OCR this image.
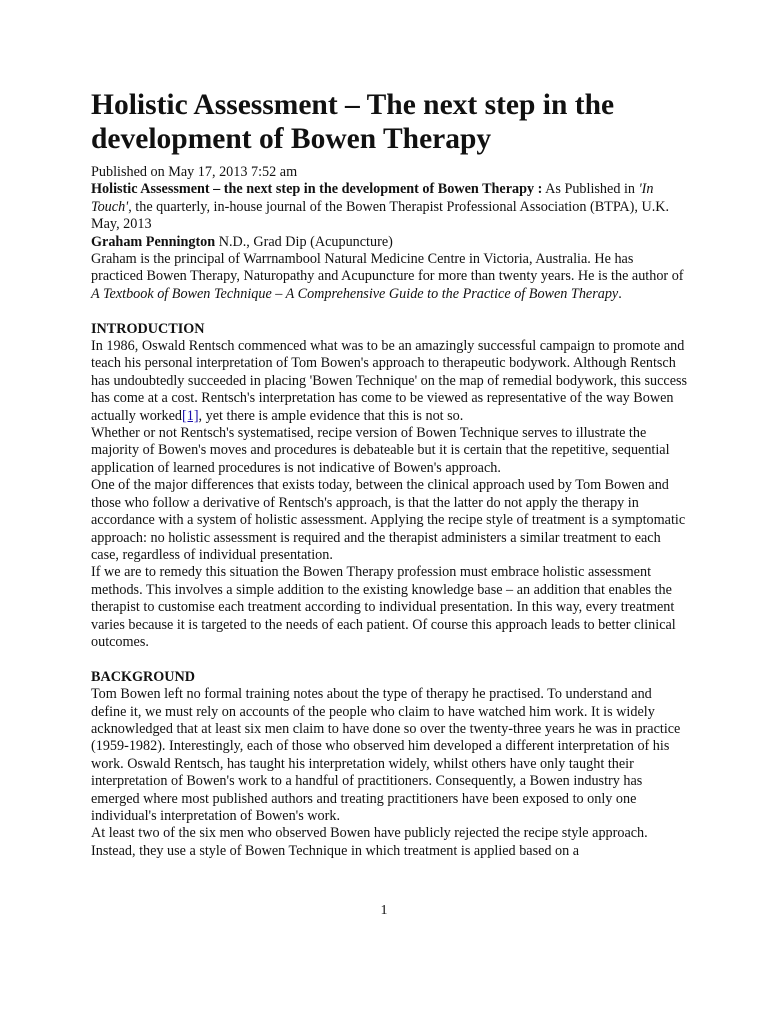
Holistic Assessment – The next step in the development of Bowen Therapy

Published on May 17, 2013 7:52 am

Holistic Assessment – the next step in the development of Bowen Therapy : As Published in 'In Touch', the quarterly, in-house journal of the Bowen Therapist Professional Association (BTPA), U.K. May, 2013

Graham Pennington N.D., Grad Dip (Acupuncture)

Graham is the principal of Warrnambool Natural Medicine Centre in Victoria, Australia. He has practiced Bowen Therapy, Naturopathy and Acupuncture for more than twenty years. He is the author of A Textbook of Bowen Technique – A Comprehensive Guide to the Practice of Bowen Therapy.

INTRODUCTION

In 1986, Oswald Rentsch commenced what was to be an amazingly successful campaign to promote and teach his personal interpretation of Tom Bowen's approach to therapeutic bodywork. Although Rentsch has undoubtedly succeeded in placing 'Bowen Technique' on the map of remedial bodywork, this success has come at a cost. Rentsch's interpretation has come to be viewed as representative of the way Bowen actually worked[1], yet there is ample evidence that this is not so.

Whether or not Rentsch's systematised, recipe version of Bowen Technique serves to illustrate the majority of Bowen's moves and procedures is debateable but it is certain that the repetitive, sequential application of learned procedures is not indicative of Bowen's approach.

One of the major differences that exists today, between the clinical approach used by Tom Bowen and those who follow a derivative of Rentsch's approach, is that the latter do not apply the therapy in accordance with a system of holistic assessment. Applying the recipe style of treatment is a symptomatic approach: no holistic assessment is required and the therapist administers a similar treatment to each case, regardless of individual presentation.

If we are to remedy this situation the Bowen Therapy profession must embrace holistic assessment methods. This involves a simple addition to the existing knowledge base – an addition that enables the therapist to customise each treatment according to individual presentation. In this way, every treatment varies because it is targeted to the needs of each patient. Of course this approach leads to better clinical outcomes.

BACKGROUND

Tom Bowen left no formal training notes about the type of therapy he practised. To understand and define it, we must rely on accounts of the people who claim to have watched him work. It is widely acknowledged that at least six men claim to have done so over the twenty-three years he was in practice (1959-1982). Interestingly, each of those who observed him developed a different interpretation of his work. Oswald Rentsch, has taught his interpretation widely, whilst others have only taught their interpretation of Bowen's work to a handful of practitioners. Consequently, a Bowen industry has emerged where most published authors and treating practitioners have been exposed to only one individual's interpretation of Bowen's work.

At least two of the six men who observed Bowen have publicly rejected the recipe style approach. Instead, they use a style of Bowen Technique in which treatment is applied based on a

1
